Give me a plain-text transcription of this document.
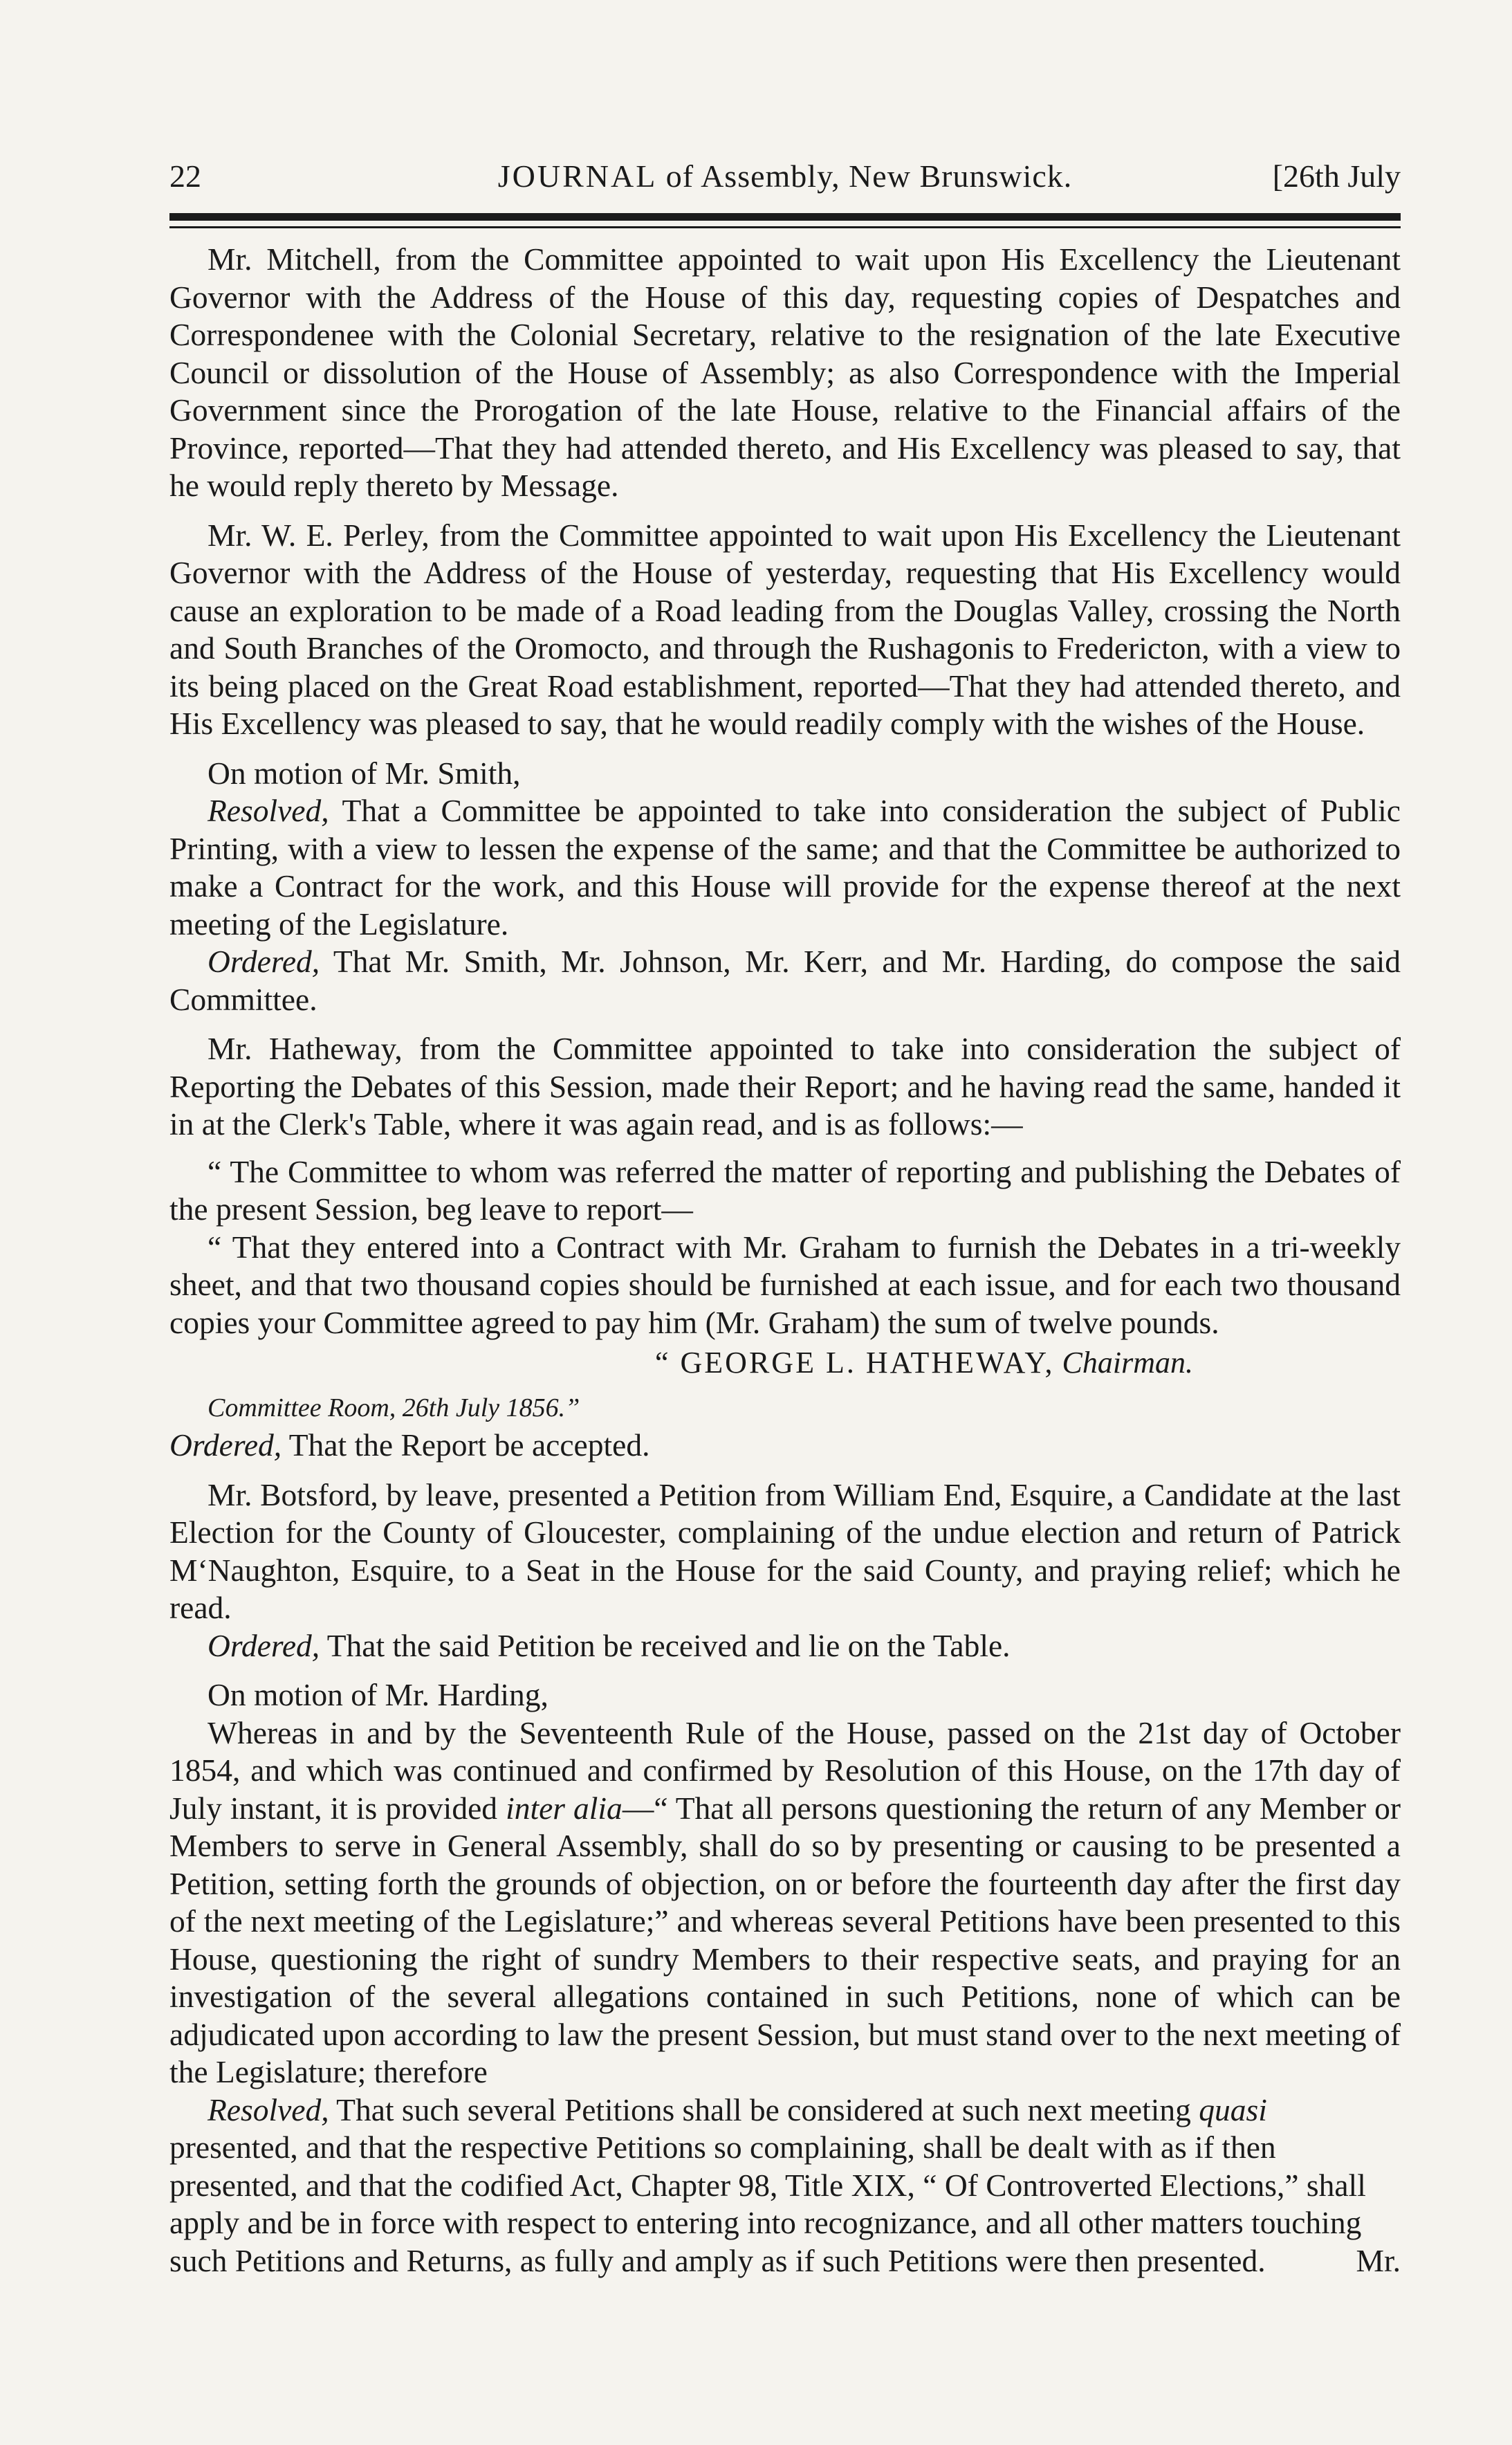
22	JOURNAL of Assembly, New Brunswick.	[26th July

Mr. Mitchell, from the Committee appointed to wait upon His Excellency the Lieutenant Governor with the Address of the House of this day, requesting copies of Despatches and Correspondenee with the Colonial Secretary, relative to the resignation of the late Executive Council or dissolution of the House of Assembly; as also Correspondence with the Imperial Government since the Prorogation of the late House, relative to the Financial affairs of the Province, reported—That they had attended thereto, and His Excellency was pleased to say, that he would reply thereto by Message.

Mr. W. E. Perley, from the Committee appointed to wait upon His Excellency the Lieutenant Governor with the Address of the House of yesterday, requesting that His Excellency would cause an exploration to be made of a Road leading from the Douglas Valley, crossing the North and South Branches of the Oromocto, and through the Rushagonis to Fredericton, with a view to its being placed on the Great Road establishment, reported—That they had attended thereto, and His Excellency was pleased to say, that he would readily comply with the wishes of the House.

On motion of Mr. Smith,

Resolved, That a Committee be appointed to take into consideration the subject of Public Printing, with a view to lessen the expense of the same; and that the Committee be authorized to make a Contract for the work, and this House will provide for the expense thereof at the next meeting of the Legislature.

Ordered, That Mr. Smith, Mr. Johnson, Mr. Kerr, and Mr. Harding, do compose the said Committee.

Mr. Hatheway, from the Committee appointed to take into consideration the subject of Reporting the Debates of this Session, made their Report; and he having read the same, handed it in at the Clerk's Table, where it was again read, and is as follows:—

“ The Committee to whom was referred the matter of reporting and publishing the Debates of the present Session, beg leave to report—

“ That they entered into a Contract with Mr. Graham to furnish the Debates in a tri-weekly sheet, and that two thousand copies should be furnished at each issue, and for each two thousand copies your Committee agreed to pay him (Mr. Graham) the sum of twelve pounds.

“ GEORGE L. HATHEWAY, Chairman.

Committee Room, 26th July 1856.”

Ordered, That the Report be accepted.

Mr. Botsford, by leave, presented a Petition from William End, Esquire, a Candidate at the last Election for the County of Gloucester, complaining of the undue election and return of Patrick M‘Naughton, Esquire, to a Seat in the House for the said County, and praying relief; which he read.

Ordered, That the said Petition be received and lie on the Table.

On motion of Mr. Harding,

Whereas in and by the Seventeenth Rule of the House, passed on the 21st day of October 1854, and which was continued and confirmed by Resolution of this House, on the 17th day of July instant, it is provided inter alia—“ That all persons questioning the return of any Member or Members to serve in General Assembly, shall do so by presenting or causing to be presented a Petition, setting forth the grounds of objection, on or before the fourteenth day after the first day of the next meeting of the Legislature;” and whereas several Petitions have been presented to this House, questioning the right of sundry Members to their respective seats, and praying for an investigation of the several allegations contained in such Petitions, none of which can be adjudicated upon according to law the present Session, but must stand over to the next meeting of the Legislature; therefore

Resolved, That such several Petitions shall be considered at such next meeting quasi presented, and that the respective Petitions so complaining, shall be dealt with as if then presented, and that the codified Act, Chapter 98, Title XIX, “ Of Controverted Elections,” shall apply and be in force with respect to entering into recognizance, and all other matters touching such Petitions and Returns, as fully and amply as if such Petitions were then presented.	Mr.
